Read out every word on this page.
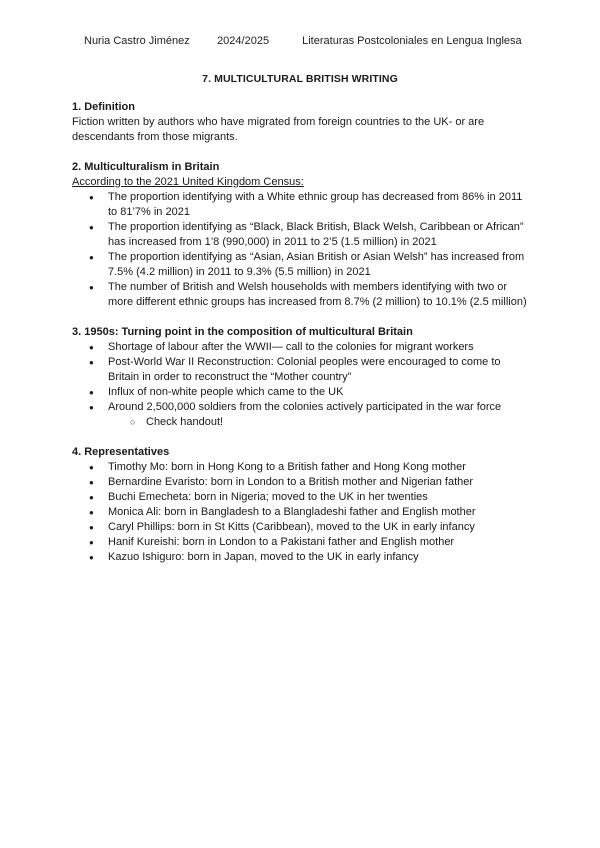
Nuria Castro Jiménez 2024/2025	Literaturas Postcoloniales en Lengua Inglesa
7. MULTICULTURAL BRITISH WRITING

1. Definition

Fiction written by authors who have migrated from foreign countries to the UK- or are descendants from those migrants.

2. Multiculturalism in Britain

According to the 2021 United Kingdom Census:

● The proportion identifying with a White ethnic group has decreased from 86% in 2011 to 81’7% in 2021
● The proportion identifying as “Black, Black British, Black Welsh, Caribbean or African” has increased from 1’8 (990,000) in 2011 to 2’5 (1.5 million) in 2021
● The proportion identifying as “Asian, Asian British or Asian Welsh” has increased from 7.5% (4.2 million) in 2011 to 9.3% (5.5 million) in 2021
● The number of British and Welsh households with members identifying with two or more different ethnic groups has increased from 8.7% (2 million) to 10.1% (2.5 million)

3. 1950s: Turning point in the composition of multicultural Britain

● Shortage of labour after the WWII— call to the colonies for migrant workers
● Post-World War II Reconstruction: Colonial peoples were encouraged to come to Britain in order to reconstruct the “Mother country”
● Influx of non-white people which came to the UK
● Around 2,500,000 soldiers from the colonies actively participated in the war force
○ Check handout!

4. Representatives

● Timothy Mo: born in Hong Kong to a British father and Hong Kong mother
● Bernardine Evaristo: born in London to a British mother and Nigerian father
● Buchi Emecheta: born in Nigeria; moved to the UK in her twenties
● Monica Ali: born in Bangladesh to a Blangladeshi father and English mother
● Caryl Phillips: born in St Kitts (Caribbean), moved to the UK in early infancy
● Hanif Kureishi: born in London to a Pakistani father and English mother
● Kazuo Ishiguro: born in Japan, moved to the UK in early infancy
